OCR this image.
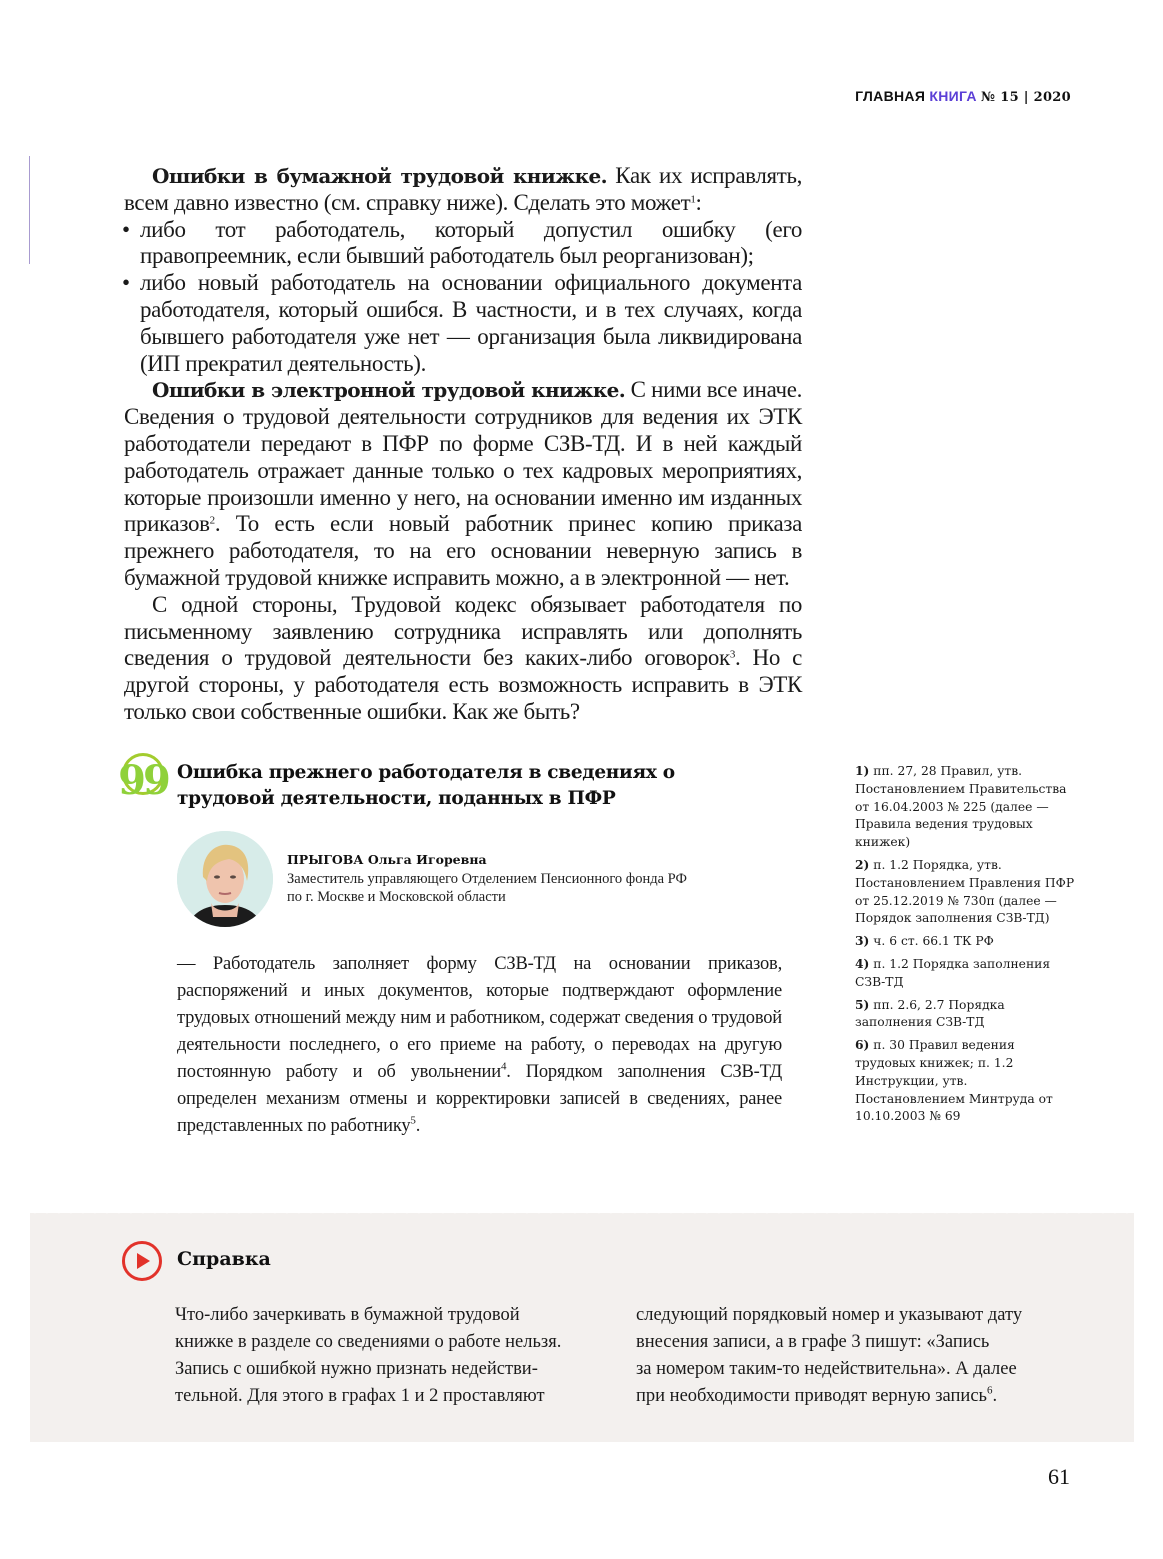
ГЛАВНАЯ КНИГА № 15 | 2020

Ошибки в бумажной трудовой книжке. Как их исправлять, всем давно известно (см. справку ниже). Сделать это может$^1$:

• либо тот работодатель, который допустил ошибку (его правопреемник, если бывший работодатель был реорганизован);
• либо новый работодатель на основании официального документа работодателя, который ошибся. В частности, и в тех случаях, когда бывшего работодателя уже нет — организация была ликвидирована (ИП прекратил деятельность).

Ошибки в электронной трудовой книжке. С ними все иначе. Сведения о трудовой деятельности сотрудников для ведения их ЭТК работодатели передают в ПФР по форме СЗВ-ТД. И в ней каждый работодатель отражает данные только о тех кадровых мероприятиях, которые произошли именно у него, на основании именно им изданных приказов$^2$. То есть если новый работник принес копию приказа прежнего работодателя, то на его основании неверную запись в бумажной трудовой книжке исправить можно, а в электронной — нет.

С одной стороны, Трудовой кодекс обязывает работодателя по письменному заявлению сотрудника исправлять или дополнять сведения о трудовой деятельности без каких-либо оговорок$^3$. Но с другой стороны, у работодателя есть возможность исправить в ЭТК только свои собственные ошибки. Как же быть?

99 Ошибка прежнего работодателя в сведениях о трудовой деятельности, поданных в ПФР
ПРЫГОВА Ольга Игоревна
Заместитель управляющего Отделением Пенсионного фонда РФ
по г. Москве и Московской области

— Работодатель заполняет форму СЗВ-ТД на основании приказов, распоряжений и иных документов, которые подтверждают оформление трудовых отношений между ним и работником, содержат сведения о трудовой деятельности последнего, о его приеме на работу, о переводах на другую постоянную работу и об увольнении$^4$. Порядком заполнения СЗВ-ТД определен механизм отмены и корректировки записей в сведениях, ранее представленных по работнику$^5$.

1) пп. 27, 28 Правил, утв. Постановлением Правительства от 16.04.2003 № 225 (далее — Правила ведения трудовых книжек)
2) п. 1.2 Порядка, утв. Постановлением Правления ПФР от 25.12.2019 № 730п (далее — Порядок заполнения СЗВ-ТД)
3) ч. 6 ст. 66.1 ТК РФ
4) п. 1.2 Порядка заполнения СЗВ-ТД
5) пп. 2.6, 2.7 Порядка заполнения СЗВ-ТД
6) п. 30 Правил ведения трудовых книжек; п. 1.2 Инструкции, утв. Постановлением Минтруда от 10.10.2003 № 69
Справка
Что-либо зачеркивать в бумажной трудовой
книжке в разделе со сведениями о работе нельзя.
Запись с ошибкой нужно признать недействи-
тельной. Для этого в графах 1 и 2 проставляют
следующий порядковый номер и указывают дату
внесения записи, а в графе 3 пишут: «Запись
за номером таким-то недействительна». А далее
при необходимости приводят верную запись$^6$.
61
